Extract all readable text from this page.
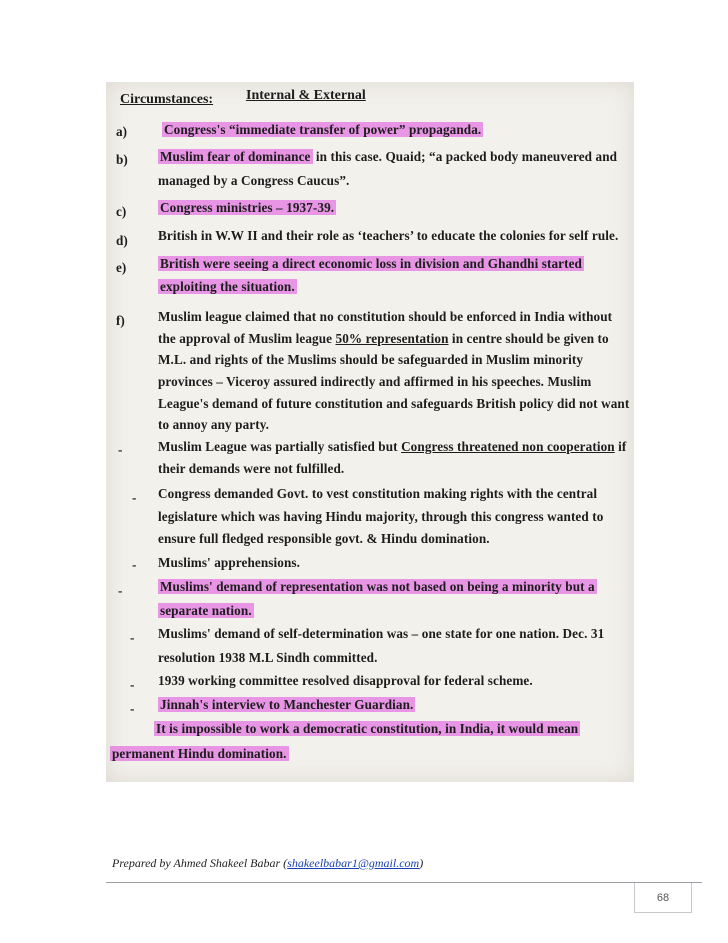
Circumstances: Internal & External
a)	Congress's “immediate transfer of power” propaganda.
b) Muslim fear of dominance in this case. Quaid; “a packed body maneuvered and
managed by a Congress Caucus”.
c)	Congress ministries – 1937-39.
d) British in W.W II and their role as ‘teachers’ to educate the colonies for self rule.
e)	British were seeing a direct economic loss in division and Ghandhi started
exploiting the situation.
f)	Muslim league claimed that no constitution should be enforced in India without
the approval of Muslim league 50% representation in centre should be given to
M.L. and rights of the Muslims should be safeguarded in Muslim minority
provinces – Viceroy assured indirectly and affirmed in his speeches. Muslim
League's demand of future constitution and safeguards British policy did not want
to annoy any party.
-	Muslim League was partially satisfied but Congress threatened non cooperation if
their demands were not fulfilled.
- Congress demanded Govt. to vest constitution making rights with the central
legislature which was having Hindu majority, through this congress wanted to
ensure full fledged responsible govt. & Hindu domination.
- Muslims' apprehensions.
-	Muslims' demand of representation was not based on being a minority but a
separate nation.
- Muslims' demand of self-determination was – one state for one nation. Dec. 31
resolution 1938 M.L Sindh committed.
- 1939 working committee resolved disapproval for federal scheme.
- Jinnah's interview to Manchester Guardian.
It is impossible to work a democratic constitution, in India, it would mean
permanent Hindu domination.
Prepared by Ahmed Shakeel Babar (shakeelbabar1@gmail.com)
68
